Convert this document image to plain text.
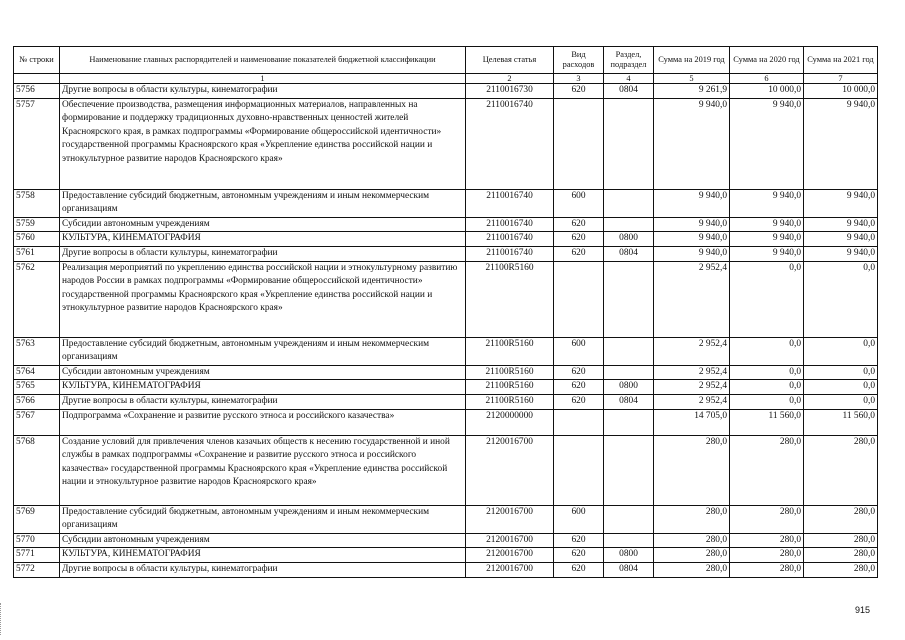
№ строки	Наименование главных распорядителей и наименование показателей бюджетной классификации	Целевая статья	Вид расходов	Раздел, подраздел	Сумма на 2019 год	Сумма на 2020 год	Сумма на 2021 год
	1	2	3	4	5	6	7
5756	Другие вопросы в области культуры, кинематографии	2110016730	620	0804	9 261,9	10 000,0	10 000,0
5757	Обеспечение производства, размещения информационных материалов, направленных на формирование и поддержку традиционных духовно-нравственных ценностей жителей Красноярского края, в рамках подпрограммы «Формирование общероссийской идентичности» государственной программы Красноярского края «Укрепление единства российской нации и этнокультурное развитие народов Красноярского края»	2110016740			9 940,0	9 940,0	9 940,0
5758	Предоставление субсидий бюджетным, автономным учреждениям и иным некоммерческим организациям	2110016740	600		9 940,0	9 940,0	9 940,0
5759	Субсидии автономным учреждениям	2110016740	620		9 940,0	9 940,0	9 940,0
5760	КУЛЬТУРА, КИНЕМАТОГРАФИЯ	2110016740	620	0800	9 940,0	9 940,0	9 940,0
5761	Другие вопросы в области культуры, кинематографии	2110016740	620	0804	9 940,0	9 940,0	9 940,0
5762	Реализация мероприятий по укреплению единства российской нации и этнокультурному развитию народов России в рамках подпрограммы «Формирование общероссийской идентичности» государственной программы Красноярского края «Укрепление единства российской нации и этнокультурное развитие народов Красноярского края»	21100R5160			2 952,4	0,0	0,0
5763	Предоставление субсидий бюджетным, автономным учреждениям и иным некоммерческим организациям	21100R5160	600		2 952,4	0,0	0,0
5764	Субсидии автономным учреждениям	21100R5160	620		2 952,4	0,0	0,0
5765	КУЛЬТУРА, КИНЕМАТОГРАФИЯ	21100R5160	620	0800	2 952,4	0,0	0,0
5766	Другие вопросы в области культуры, кинематографии	21100R5160	620	0804	2 952,4	0,0	0,0
5767	Подпрограмма «Сохранение и развитие русского этноса и российского казачества»	2120000000			14 705,0	11 560,0	11 560,0
5768	Создание условий для привлечения членов казачьих обществ к несению государственной и иной службы в рамках подпрограммы «Сохранение и развитие русского этноса и российского казачества» государственной программы Красноярского края «Укрепление единства российской нации и этнокультурное развитие народов Красноярского края»	2120016700			280,0	280,0	280,0
5769	Предоставление субсидий бюджетным, автономным учреждениям и иным некоммерческим организациям	2120016700	600		280,0	280,0	280,0
5770	Субсидии автономным учреждениям	2120016700	620		280,0	280,0	280,0
5771	КУЛЬТУРА, КИНЕМАТОГРАФИЯ	2120016700	620	0800	280,0	280,0	280,0
5772	Другие вопросы в области культуры, кинематографии	2120016700	620	0804	280,0	280,0	280,0
915
